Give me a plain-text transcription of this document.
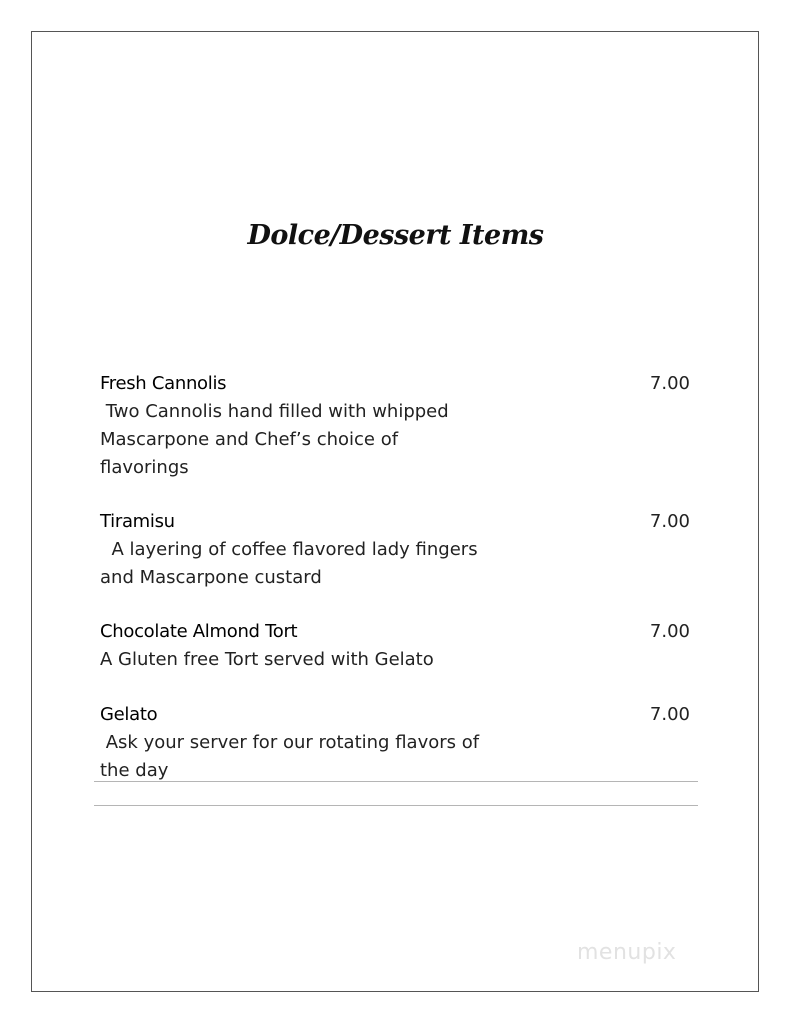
Dolce/Dessert Items
Fresh Cannolis	7.00

Two Cannolis hand filled with whipped
Mascarpone and Chef’s choice of
flavorings

Tiramisu	7.00

A layering of coffee flavored lady fingers
and Mascarpone custard

Chocolate Almond Tort	7.00

A Gluten free Tort served with Gelato

Gelato	7.00

Ask your server for our rotating flavors of
the day

menupix
